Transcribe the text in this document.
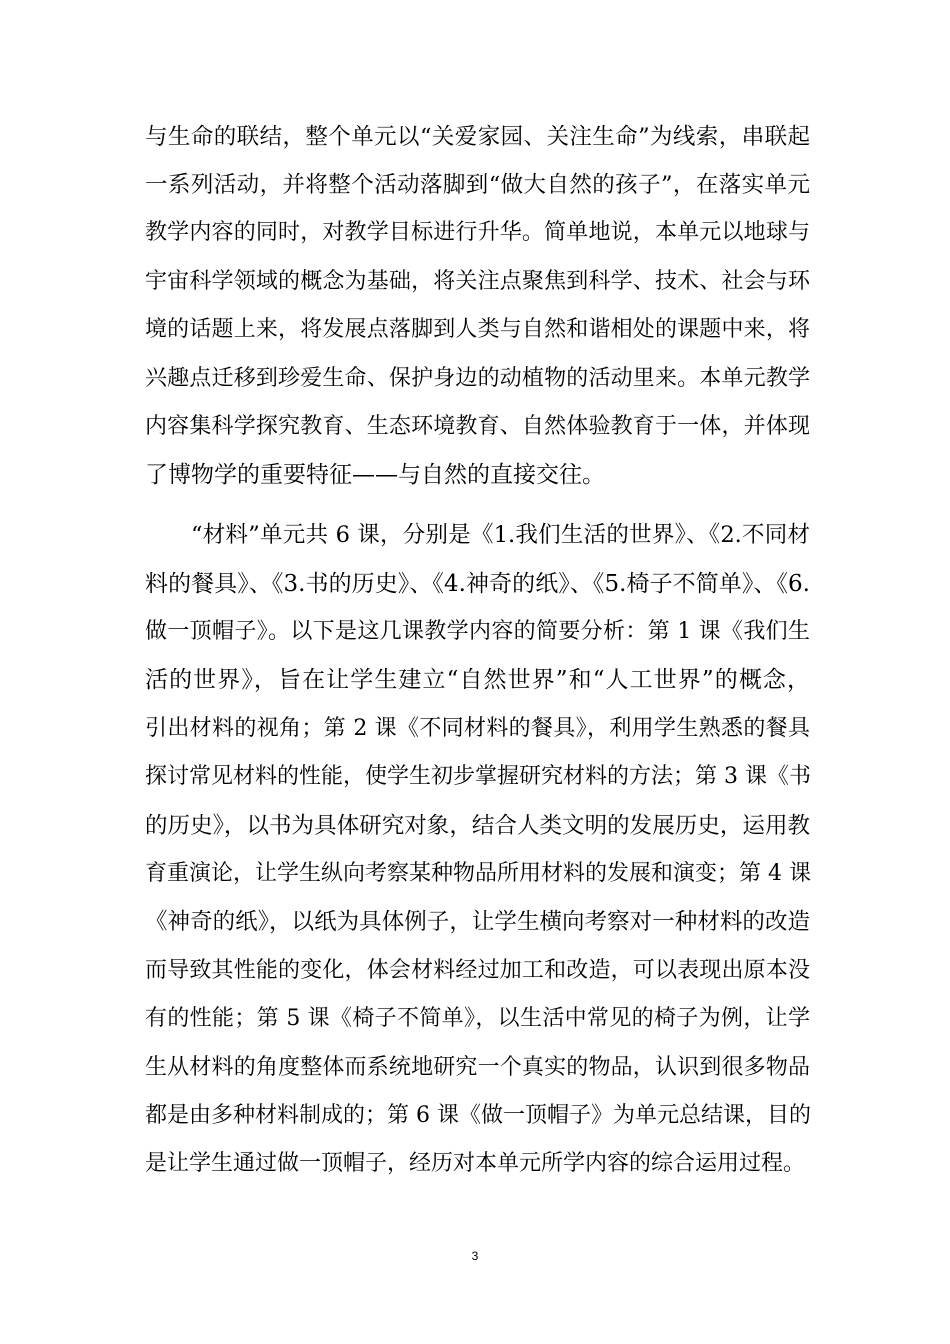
与生命的联结，整个单元以“关爱家园、关注生命”为线索，串联起
一系列活动，并将整个活动落脚到“做大自然的孩子”，在落实单元
教学内容的同时，对教学目标进行升华。简单地说，本单元以地球与
宇宙科学领域的概念为基础，将关注点聚焦到科学、技术、社会与环
境的话题上来，将发展点落脚到人类与自然和谐相处的课题中来，将
兴趣点迁移到珍爱生命、保护身边的动植物的活动里来。本单元教学
内容集科学探究教育、生态环境教育、自然体验教育于一体，并体现
了博物学的重要特征——与自然的直接交往。
“材料”单元共 6 课，分别是《1.我们生活的世界》、《2.不同材
料的餐具》、《3.书的历史》、《4.神奇的纸》、《5.椅子不简单》、《6.
做一顶帽子》。以下是这几课教学内容的简要分析：第 1 课《我们生
活的世界》，旨在让学生建立“自然世界”和“人工世界”的概念，
引出材料的视角；第 2 课《不同材料的餐具》，利用学生熟悉的餐具
探讨常见材料的性能，使学生初步掌握研究材料的方法；第 3 课《书
的历史》，以书为具体研究对象，结合人类文明的发展历史，运用教
育重演论，让学生纵向考察某种物品所用材料的发展和演变；第 4 课
《神奇的纸》，以纸为具体例子，让学生横向考察对一种材料的改造
而导致其性能的变化，体会材料经过加工和改造，可以表现出原本没
有的性能；第 5 课《椅子不简单》，以生活中常见的椅子为例，让学
生从材料的角度整体而系统地研究一个真实的物品，认识到很多物品
都是由多种材料制成的；第 6 课《做一顶帽子》为单元总结课，目的
是让学生通过做一顶帽子，经历对本单元所学内容的综合运用过程。
3
